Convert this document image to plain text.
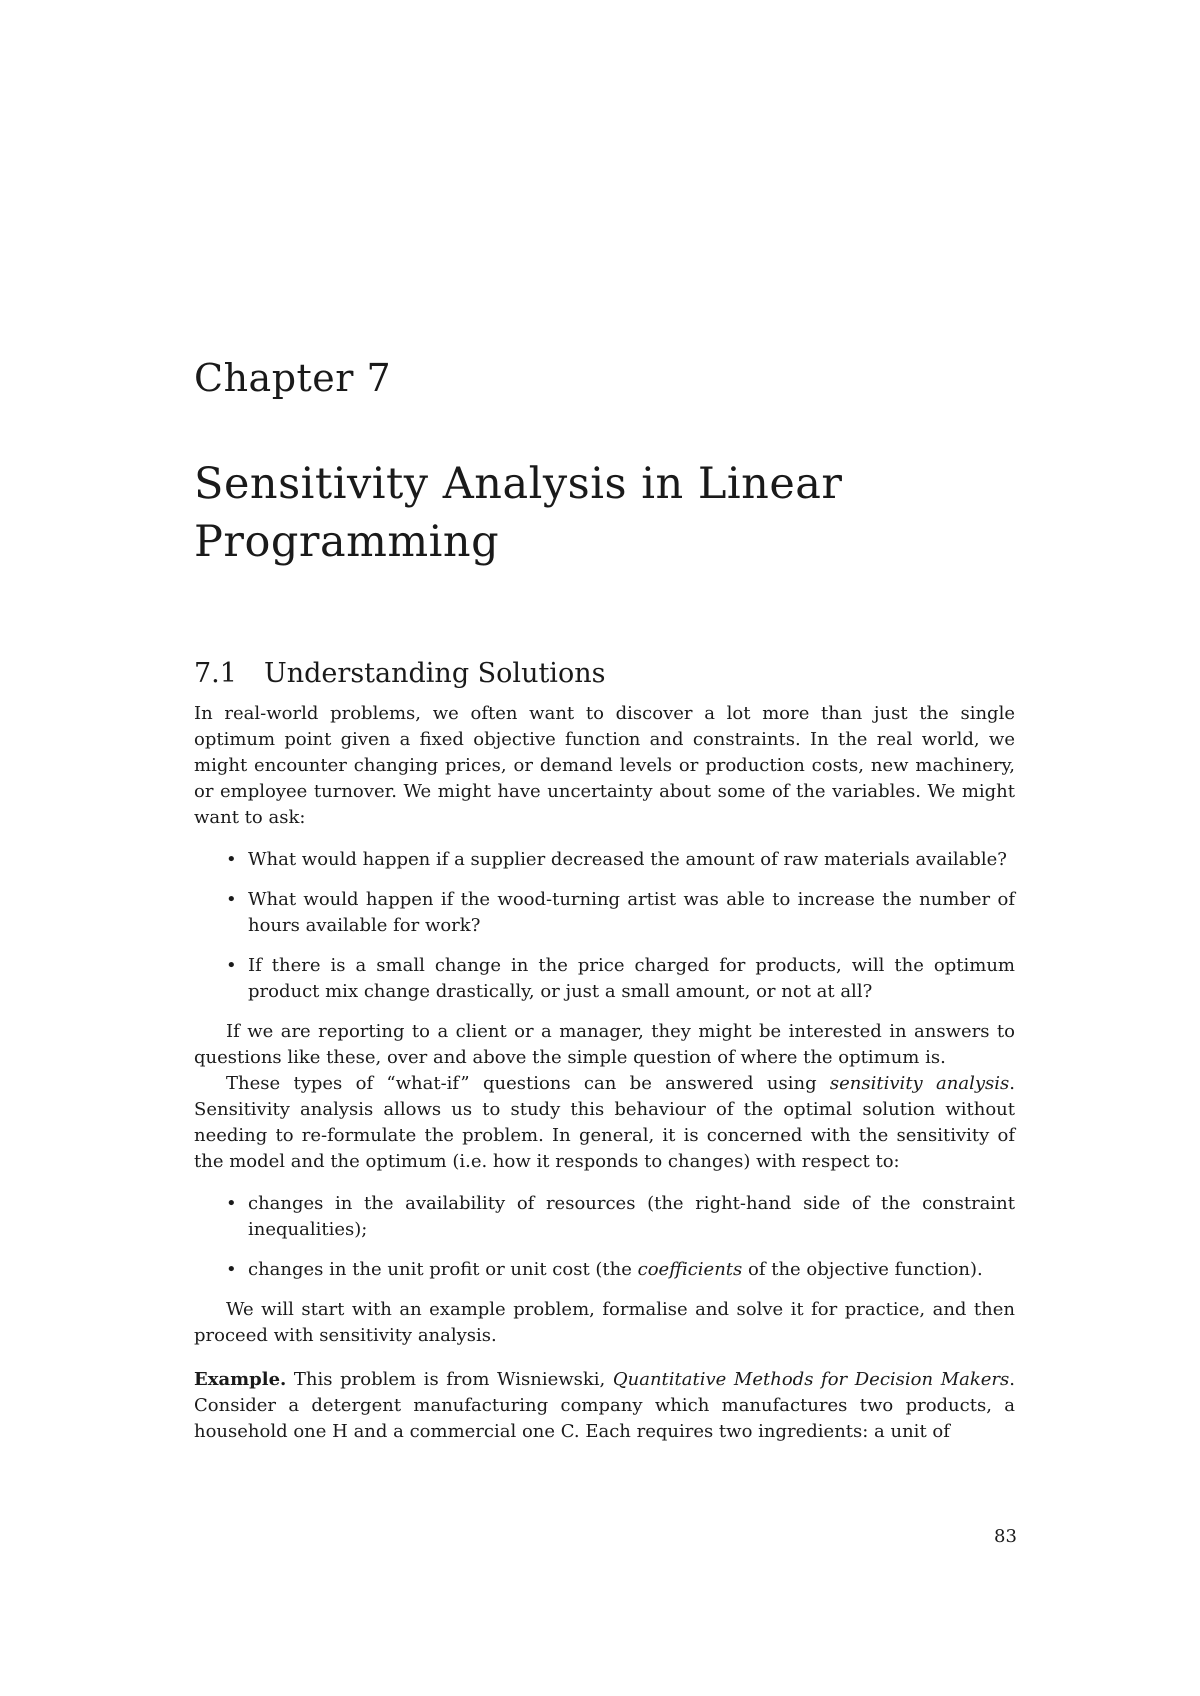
Chapter 7
Sensitivity Analysis in Linear Programming
7.1 Understanding Solutions

In real-world problems, we often want to discover a lot more than just the single optimum point given a fixed objective function and constraints. In the real world, we might encounter changing prices, or demand levels or production costs, new machinery, or employee turnover. We might have uncertainty about some of the variables. We might want to ask:

• What would happen if a supplier decreased the amount of raw materials available?
• What would happen if the wood-turning artist was able to increase the number of hours available for work?
• If there is a small change in the price charged for products, will the optimum product mix change drastically, or just a small amount, or not at all?

If we are reporting to a client or a manager, they might be interested in answers to questions like these, over and above the simple question of where the optimum is.

These types of “what-if” questions can be answered using sensitivity analysis. Sensitivity analysis allows us to study this behaviour of the optimal solution without needing to re-formulate the problem. In general, it is concerned with the sensitivity of the model and the optimum (i.e. how it responds to changes) with respect to:

• changes in the availability of resources (the right-hand side of the constraint inequalities);
• changes in the unit profit or unit cost (the coefficients of the objective function).

We will start with an example problem, formalise and solve it for practice, and then proceed with sensitivity analysis.

Example. This problem is from Wisniewski, Quantitative Methods for Decision Makers. Consider a detergent manufacturing company which manufactures two products, a household one H and a commercial one C. Each requires two ingredients: a unit of

83
